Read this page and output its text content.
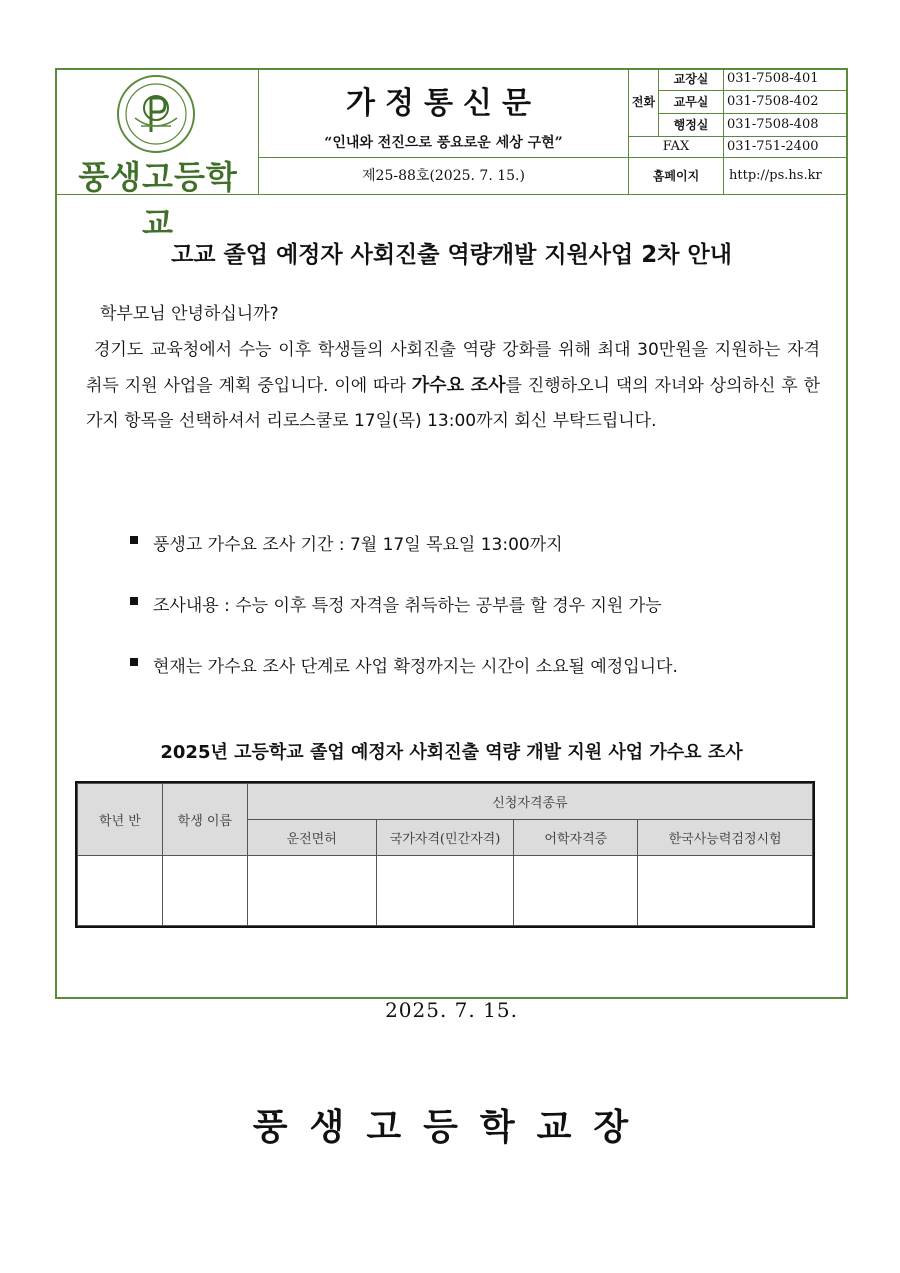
풍생고등학교
가정통신문
“인내와 전진으로 풍요로운 세상 구현”
제25-88호(2025. 7. 15.)
전화
교장실	031-7508-401
교무실	031-7508-402
행정실	031-7508-408
FAX	031-751-2400
홈페이지	http://ps.hs.kr
고교 졸업 예정자 사회진출 역량개발 지원사업 2차 안내
학부모님 안녕하십니까?
경기도 교육청에서 수능 이후 학생들의 사회진출 역량 강화를 위해 최대 30만원을 지원하는 자격 취득 지원 사업을 계획 중입니다. 이에 따라 가수요 조사를 진행하오니 댁의 자녀와 상의하신 후 한가지 항목을 선택하셔서 리로스쿨로 17일(목) 13:00까지 회신 부탁드립니다.
풍생고 가수요 조사 기간 : 7월 17일 목요일 13:00까지
조사내용 : 수능 이후 특정 자격을 취득하는 공부를 할 경우 지원 가능
현재는 가수요 조사 단계로 사업 확정까지는 시간이 소요될 예정입니다.
2025년 고등학교 졸업 예정자 사회진출 역량 개발 지원 사업 가수요 조사
학년 반	학생 이름	신청자격종류			
		운전면허	국가자격(민간자격)	어학자격증	한국사능력검정시험

2025. 7. 15.
풍생고등학교장
